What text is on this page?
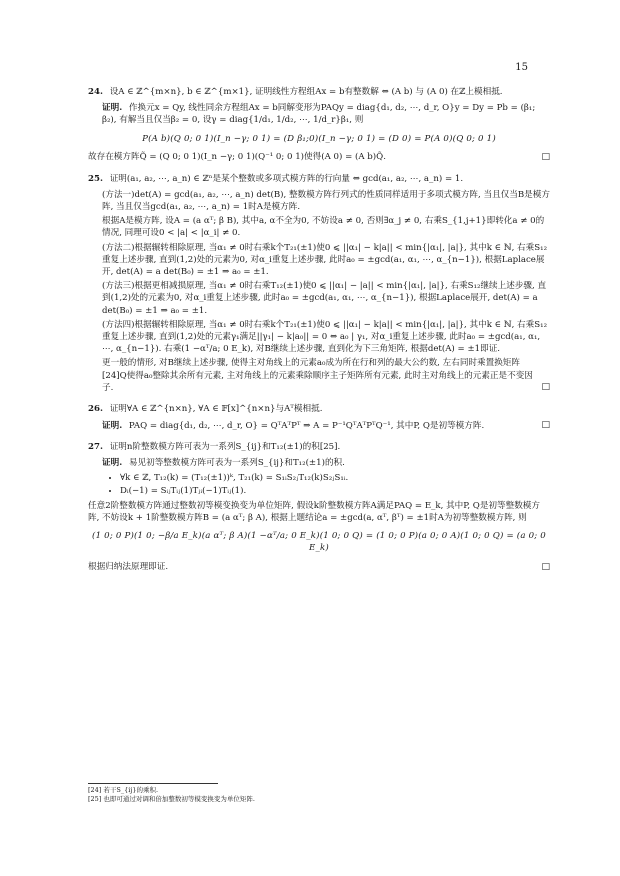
15
24. 设A ∈ ℤ^{m×n}, b ∈ ℤ^{m×1}, 证明线性方程组Ax = b有整数解 ⇔ (A b) 与 (A 0) 在ℤ上模相抵.
证明. 作换元x = Qy, 线性同余方程组Ax = b同解变形为PAQy = diag{d₁, d₂, ⋯, d_r, O}y = Dy = Pb = (β₁; β₂), 有解当且仅当β₂ = 0, 设γ = diag{1/d₁, 1/d₂, ⋯, 1/d_r}β₁, 则
P(A b)(Q 0; 0 1)(I_n −γ; 0 1) = (D β₁;0)(I_n −γ; 0 1) = (D 0) = P(A 0)(Q 0; 0 1)
故存在模方阵Q̃ = (Q 0; 0 1)(I_n −γ; 0 1)(Q⁻¹ 0; 0 1)使得(A 0) = (A b)Q̃.	□
25. 证明(a₁, a₂, ⋯, a_n) ∈ ℤⁿ是某个整数或多项式模方阵的行向量 ⇔ gcd(a₁, a₂, ⋯, a_n) = 1.
(方法一)det(A) = gcd(a₁, a₂, ⋯, a_n) det(B), 整数模方阵行列式的性质同样适用于多项式模方阵, 当且仅当B是模方阵, 当且仅当gcd(a₁, a₂, ⋯, a_n) = 1时A是模方阵.
根据A是模方阵, 设A = (a αᵀ; β B), 其中a, α不全为0, 不妨设a ≠ 0, 否则∃α_j ≠ 0, 右乘S_{1,j+1}即转化a ≠ 0的情况, 同理可设0 < |a| < |α_i| ≠ 0.
(方法二)根据辗转相除原理, 当α₁ ≠ 0时右乘k个T₂₁(±1)使0 ⩽ ||α₁| − k|a|| < min{|α₁|, |a|}, 其中k ∈ ℕ, 右乘S₁₂重复上述步骤, 直到(1,2)处的元素为0, 对α_i重复上述步骤, 此时a₀ = ±gcd(a₁, α₁, ⋯, α_{n−1}), 根据Laplace展开, det(A) = a det(B₀) = ±1 ⇒ a₀ = ±1.
(方法三)根据更相减损原理, 当α₁ ≠ 0时右乘T₁₂(±1)使0 ⩽ ||α₁| − |a|| < min{|α₁|, |a|}, 右乘S₁₂继续上述步骤, 直到(1,2)处的元素为0, 对α_i重复上述步骤, 此时a₀ = ±gcd(a₁, α₁, ⋯, α_{n−1}), 根据Laplace展开, det(A) = a det(B₀) = ±1 ⇒ a₀ = ±1.
(方法四)根据辗转相除原理, 当α₁ ≠ 0时右乘k个T₂₁(±1)使0 ⩽ ||α₁| − k|a|| < min{|α₁|, |a|}, 其中k ∈ ℕ, 右乘S₁₂重复上述步骤, 直到(1,2)处的元素γ₁满足||γ₁| − k|a₀|| = 0 ⇔ a₀ | γ₁, 对α_i重复上述步骤, 此时a₀ = ±gcd(a₁, α₁, ⋯, α_{n−1}). 右乘(1 −αᵀ/a; 0 E_k), 对B继续上述步骤, 直到化为下三角矩阵, 根据det(A) = ±1即证.
更一般的情形, 对B继续上述步骤, 使得主对角线上的元素a₀成为所在行和列的最大公约数, 左右同时乘置换矩阵[24]Q使得a₀整除其余所有元素, 主对角线上的元素乘除顺序主子矩阵所有元素, 此时主对角线上的元素正是不变因子.	□
26. 证明∀A ∈ ℤ^{n×n}, ∀A ∈ 𝔽[x]^{n×n}与Aᵀ模相抵.
证明. PAQ = diag{d₁, d₂, ⋯, d_r, O} = QᵀAᵀPᵀ ⇒ A = P⁻¹QᵀAᵀPᵀQ⁻¹, 其中P, Q是初等模方阵.	□
27. 证明n阶整数模方阵可表为一系列S_{ij}和T₁₂(±1)的积[25].
证明. 易见初等整数模方阵可表为一系列S_{ij}和T₁₂(±1)的积.
• ∀k ∈ ℤ, T₁₂(k) = (T₁₂(±1))ᵏ, T₂₁(k) = S₁ᵢS₂ⱼT₁₂(k)S₂ⱼS₁ᵢ.
• Dᵢ(−1) = SᵢⱼTᵢⱼ(1)Tⱼᵢ(−1)Tᵢⱼ(1).
任意2阶整数模方阵通过整数初等模变换变为单位矩阵, 假设k阶整数模方阵A满足PAQ = E_k, 其中P, Q是初等整数模方阵, 不妨设k + 1阶整数模方阵B = (a αᵀ; β A), 根据上题结论a = ±gcd(a, αᵀ, βᵀ) = ±1时A为初等整数模方阵, 则
(1 0; 0 P)(1 0; −β/a E_k)(a αᵀ; β A)(1 −αᵀ/a; 0 E_k)(1 0; 0 Q) = (1 0; 0 P)(a 0; 0 A)(1 0; 0 Q) = (a 0; 0 E_k)
根据归纳法原理即证.	□
[24] 若干S_{ij}的乘积.
[25] 也即可通过对调和倍加整数初等模变换变为单位矩阵.
